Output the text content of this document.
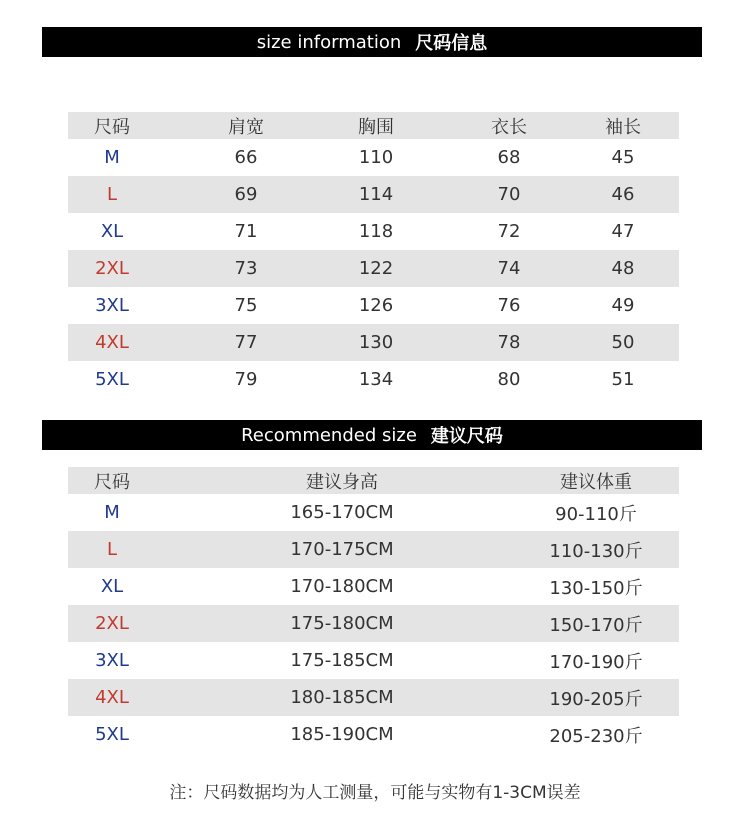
size information 尺码信息
尺码	肩宽	胸围	衣长	袖长
M	66	110	68	45
L	69	114	70	46
XL	71	118	72	47
2XL	73	122	74	48
3XL	75	126	76	49
4XL	77	130	78	50
5XL	79	134	80	51
Recommended size 建议尺码
尺码	建议身高	建议体重
M	165-170CM	90-110斤
L	170-175CM	110-130斤
XL	170-180CM	130-150斤
2XL	175-180CM	150-170斤
3XL	175-185CM	170-190斤
4XL	180-185CM	190-205斤
5XL	185-190CM	205-230斤
注：尺码数据均为人工测量，可能与实物有1-3CM误差
